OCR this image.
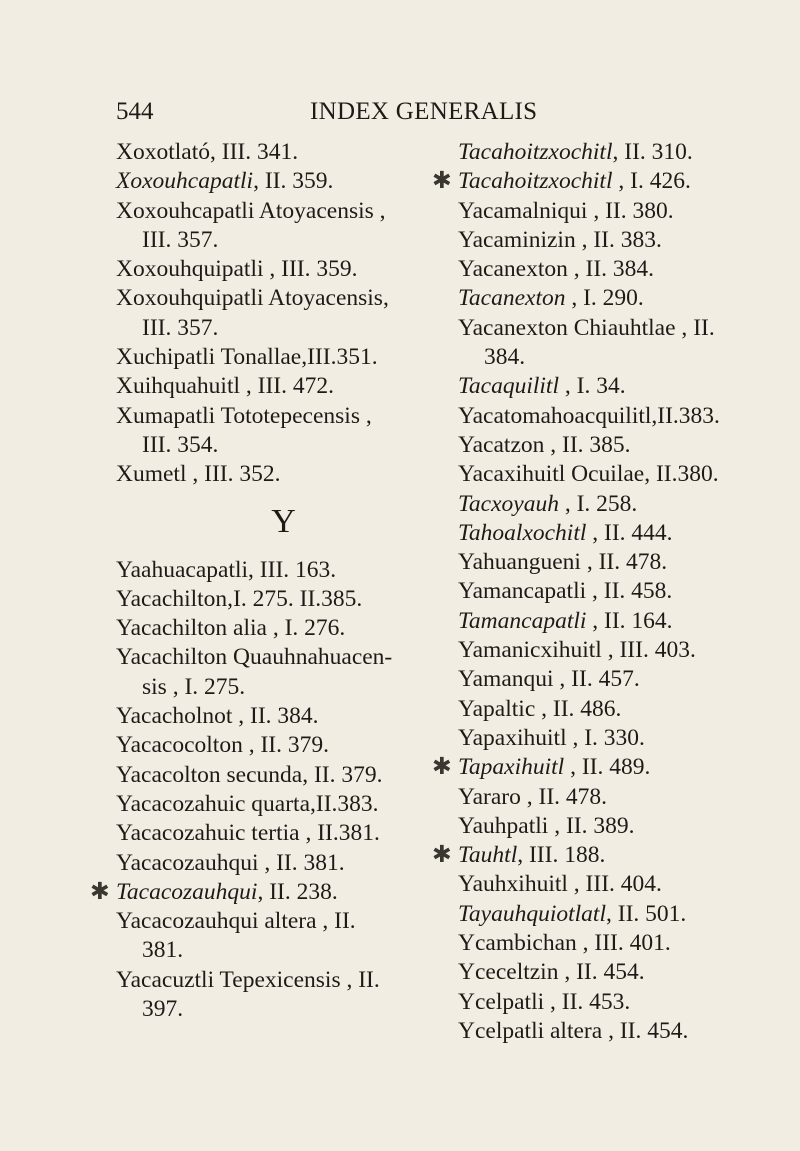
544	INDEX GENERALIS
Xoxotlató, III. 341.
Xoxouhcapatli, II. 359.
Xoxouhcapatli Atoyacensis ,
III. 357.
Xoxouhquipatli , III. 359.
Xoxouhquipatli Atoyacensis,
III. 357.
Xuchipatli Tonallae,III.351.
Xuihquahuitl , III. 472.
Xumapatli Tototepecensis ,
III. 354.
Xumetl , III. 352.
Y
Yaahuacapatli, III. 163.
Yacachilton,I. 275. II.385.
Yacachilton alia , I. 276.
Yacachilton Quauhnahuacen-
sis , I. 275.
Yacacholnot , II. 384.
Yacacocolton , II. 379.
Yacacolton secunda, II. 379.
Yacacozahuic quarta,II.383.
Yacacozahuic tertia , II.381.
Yacacozauhqui , II. 381.
✱ Tacacozauhqui, II. 238.
Yacacozauhqui altera , II.
381.
Yacacuztli Tepexicensis , II.
397.
Tacahoitzxochitl, II. 310.
✱ Tacahoitzxochitl , I. 426.
Yacamalniqui , II. 380.
Yacaminizin , II. 383.
Yacanexton , II. 384.
Tacanexton , I. 290.
Yacanexton Chiauhtlae , II.
384.
Tacaquilitl , I. 34.
Yacatomahoacquilitl,II.383.
Yacatzon , II. 385.
Yacaxihuitl Ocuilae, II.380.
Tacxoyauh , I. 258.
Tahoalxochitl , II. 444.
Yahuangueni , II. 478.
Yamancapatli , II. 458.
Tamancapatli , II. 164.
Yamanicxihuitl , III. 403.
Yamanqui , II. 457.
Yapaltic , II. 486.
Yapaxihuitl , I. 330.
✱ Tapaxihuitl , II. 489.
Yararo , II. 478.
Yauhpatli , II. 389.
✱ Tauhtl, III. 188.
Yauhxihuitl , III. 404.
Tayauhquiotlatl, II. 501.
Ycambichan , III. 401.
Yceceltzin , II. 454.
Ycelpatli , II. 453.
Ycelpatli altera , II. 454.
